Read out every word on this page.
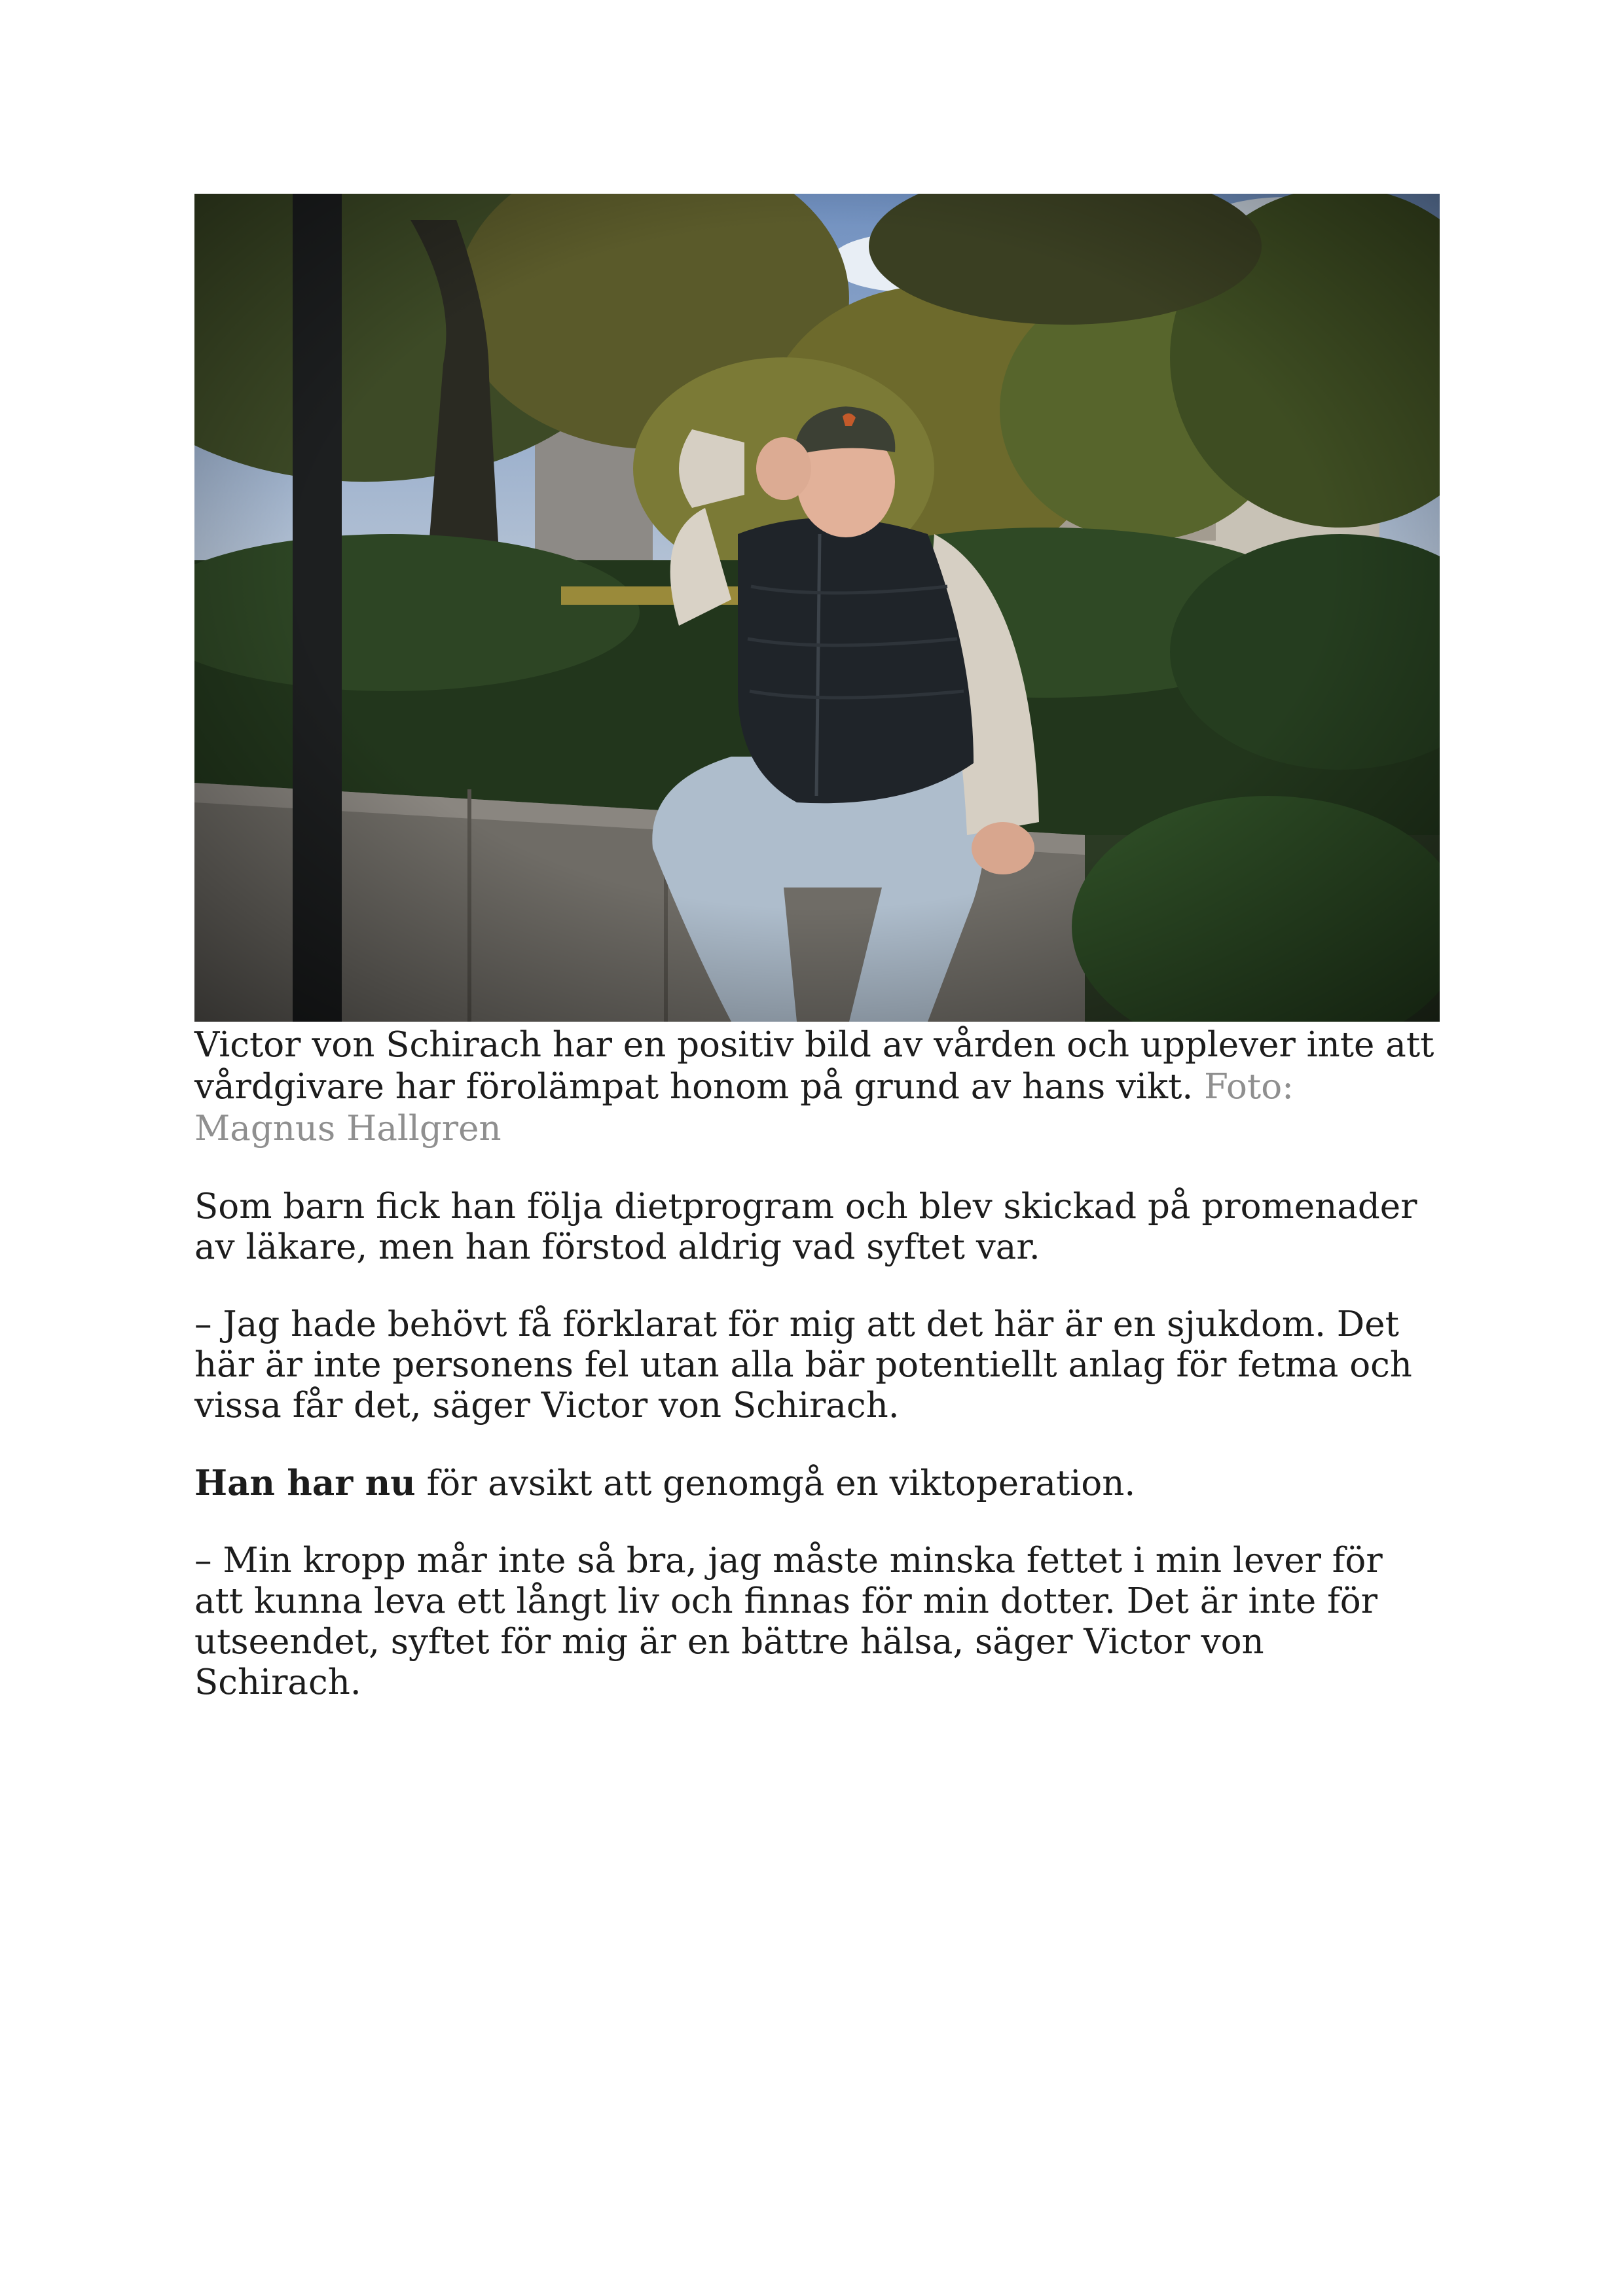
Victor von Schirach har en positiv bild av vården och upplever inte att vårdgivare har förolämpat honom på grund av hans vikt. Foto: Magnus Hallgren

Som barn fick han följa dietprogram och blev skickad på promenader av läkare, men han förstod aldrig vad syftet var.

– Jag hade behövt få förklarat för mig att det här är en sjukdom. Det här är inte personens fel utan alla bär potentiellt anlag för fetma och vissa får det, säger Victor von Schirach.

Han har nu för avsikt att genomgå en viktoperation.

– Min kropp mår inte så bra, jag måste minska fettet i min lever för att kunna leva ett långt liv och finnas för min dotter. Det är inte för utseendet, syftet för mig är en bättre hälsa, säger Victor von Schirach.
